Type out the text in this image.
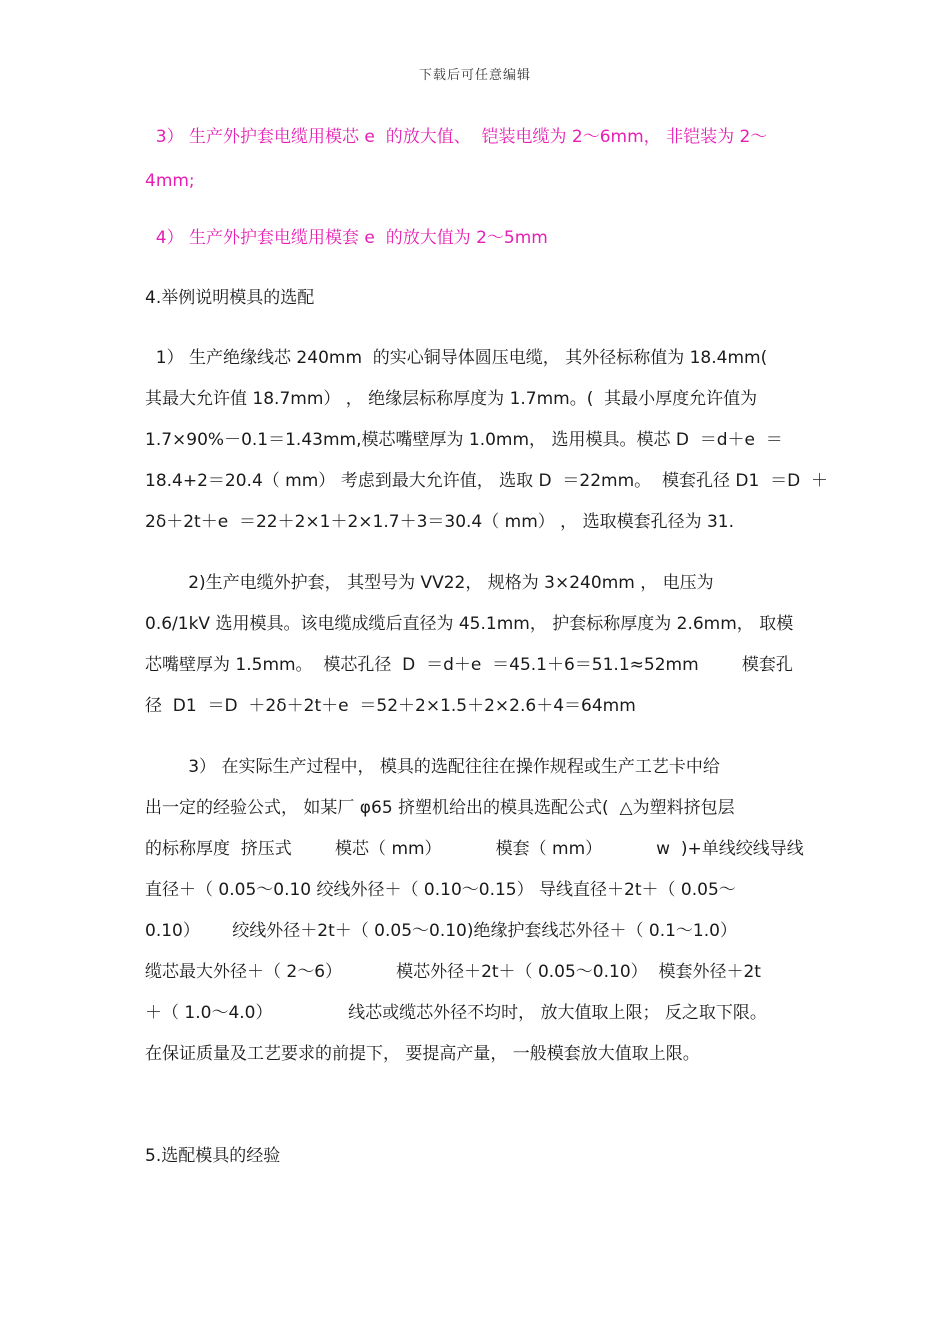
下载后可任意编辑

3） 生产外护套电缆用模芯 e  的放大值、  铠装电缆为 2～6mm， 非铠装为 2～

4mm;

4） 生产外护套电缆用模套 e  的放大值为 2～5mm

4.举例说明模具的选配

1） 生产绝缘线芯 240mm  的实心铜导体圆压电缆， 其外径标称值为 18.4mm(

其最大允许值 18.7mm） ， 绝缘层标称厚度为 1.7mm。(  其最小厚度允许值为

1.7×90%－0.1＝1.43mm,模芯嘴壁厚为 1.0mm， 选用模具。模芯 D  ＝d＋e  ＝

18.4+2＝20.4（ mm） 考虑到最大允许值， 选取 D  ＝22mm。  模套孔径 D1  ＝D  ＋

2δ＋2t＋e  ＝22＋2×1＋2×1.7＋3＝30.4（ mm） ， 选取模套孔径为 31.

2)生产电缆外护套， 其型号为 VV22， 规格为 3×240mm ， 电压为

0.6/1kV 选用模具。该电缆成缆后直径为 45.1mm， 护套标称厚度为 2.6mm， 取模

芯嘴壁厚为 1.5mm。  模芯孔径  D  ＝d＋e  ＝45.1＋6＝51.1≈52mm        模套孔

径  D1  ＝D  ＋2δ＋2t＋e  ＝52＋2×1.5＋2×2.6＋4＝64mm

3） 在实际生产过程中， 模具的选配往往在操作规程或生产工艺卡中给

出一定的经验公式， 如某厂 φ65 挤塑机给出的模具选配公式(  △为塑料挤包层

的标称厚度  挤压式        模芯（ mm）          模套（ mm）          w  )+单线绞线导线

直径＋（ 0.05～0.10 绞线外径＋（ 0.10～0.15） 导线直径＋2t＋（ 0.05～

0.10）      绞线外径＋2t＋（ 0.05～0.10)绝缘护套线芯外径＋（ 0.1～1.0）

缆芯最大外径＋（ 2～6）          模芯外径＋2t＋（ 0.05～0.10）  模套外径＋2t

＋（ 1.0～4.0）              线芯或缆芯外径不均时， 放大值取上限； 反之取下限。

在保证质量及工艺要求的前提下， 要提高产量， 一般模套放大值取上限。

5.选配模具的经验
